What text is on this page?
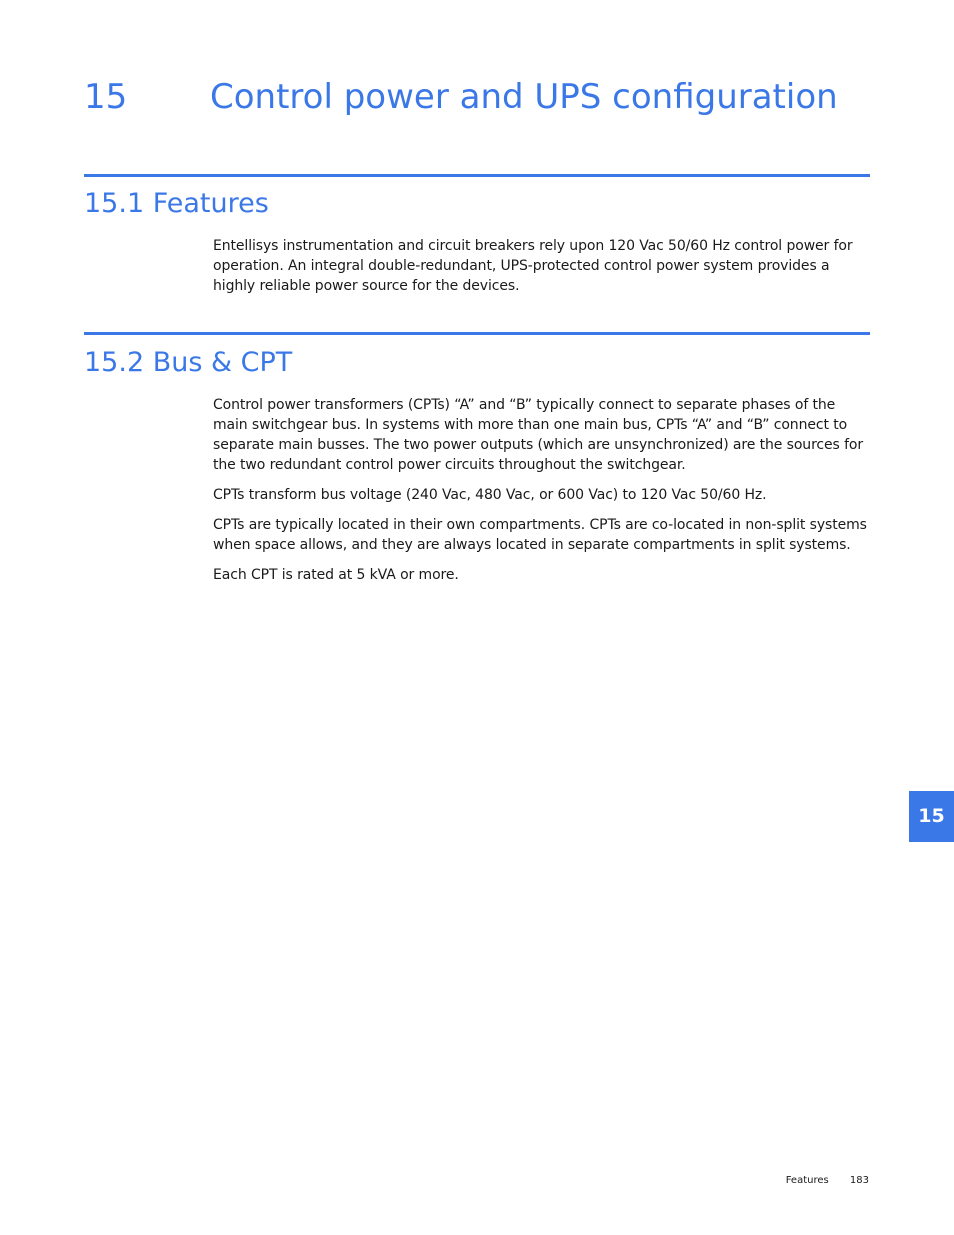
15 Control power and UPS configuration
15.1 Features

Entellisys instrumentation and circuit breakers rely upon 120 Vac 50/60 Hz control power for operation. An integral double-redundant, UPS-protected control power system provides a highly reliable power source for the devices.

15.2 Bus & CPT

Control power transformers (CPTs) “A” and “B” typically connect to separate phases of the main switchgear bus. In systems with more than one main bus, CPTs “A” and “B” connect to separate main busses. The two power outputs (which are unsynchronized) are the sources for the two redundant control power circuits throughout the switchgear.

CPTs transform bus voltage (240 Vac, 480 Vac, or 600 Vac) to 120 Vac 50/60 Hz.

CPTs are typically located in their own compartments. CPTs are co-located in non-split systems when space allows, and they are always located in separate compartments in split systems.

Each CPT is rated at 5 kVA or more.

15
Features 183
